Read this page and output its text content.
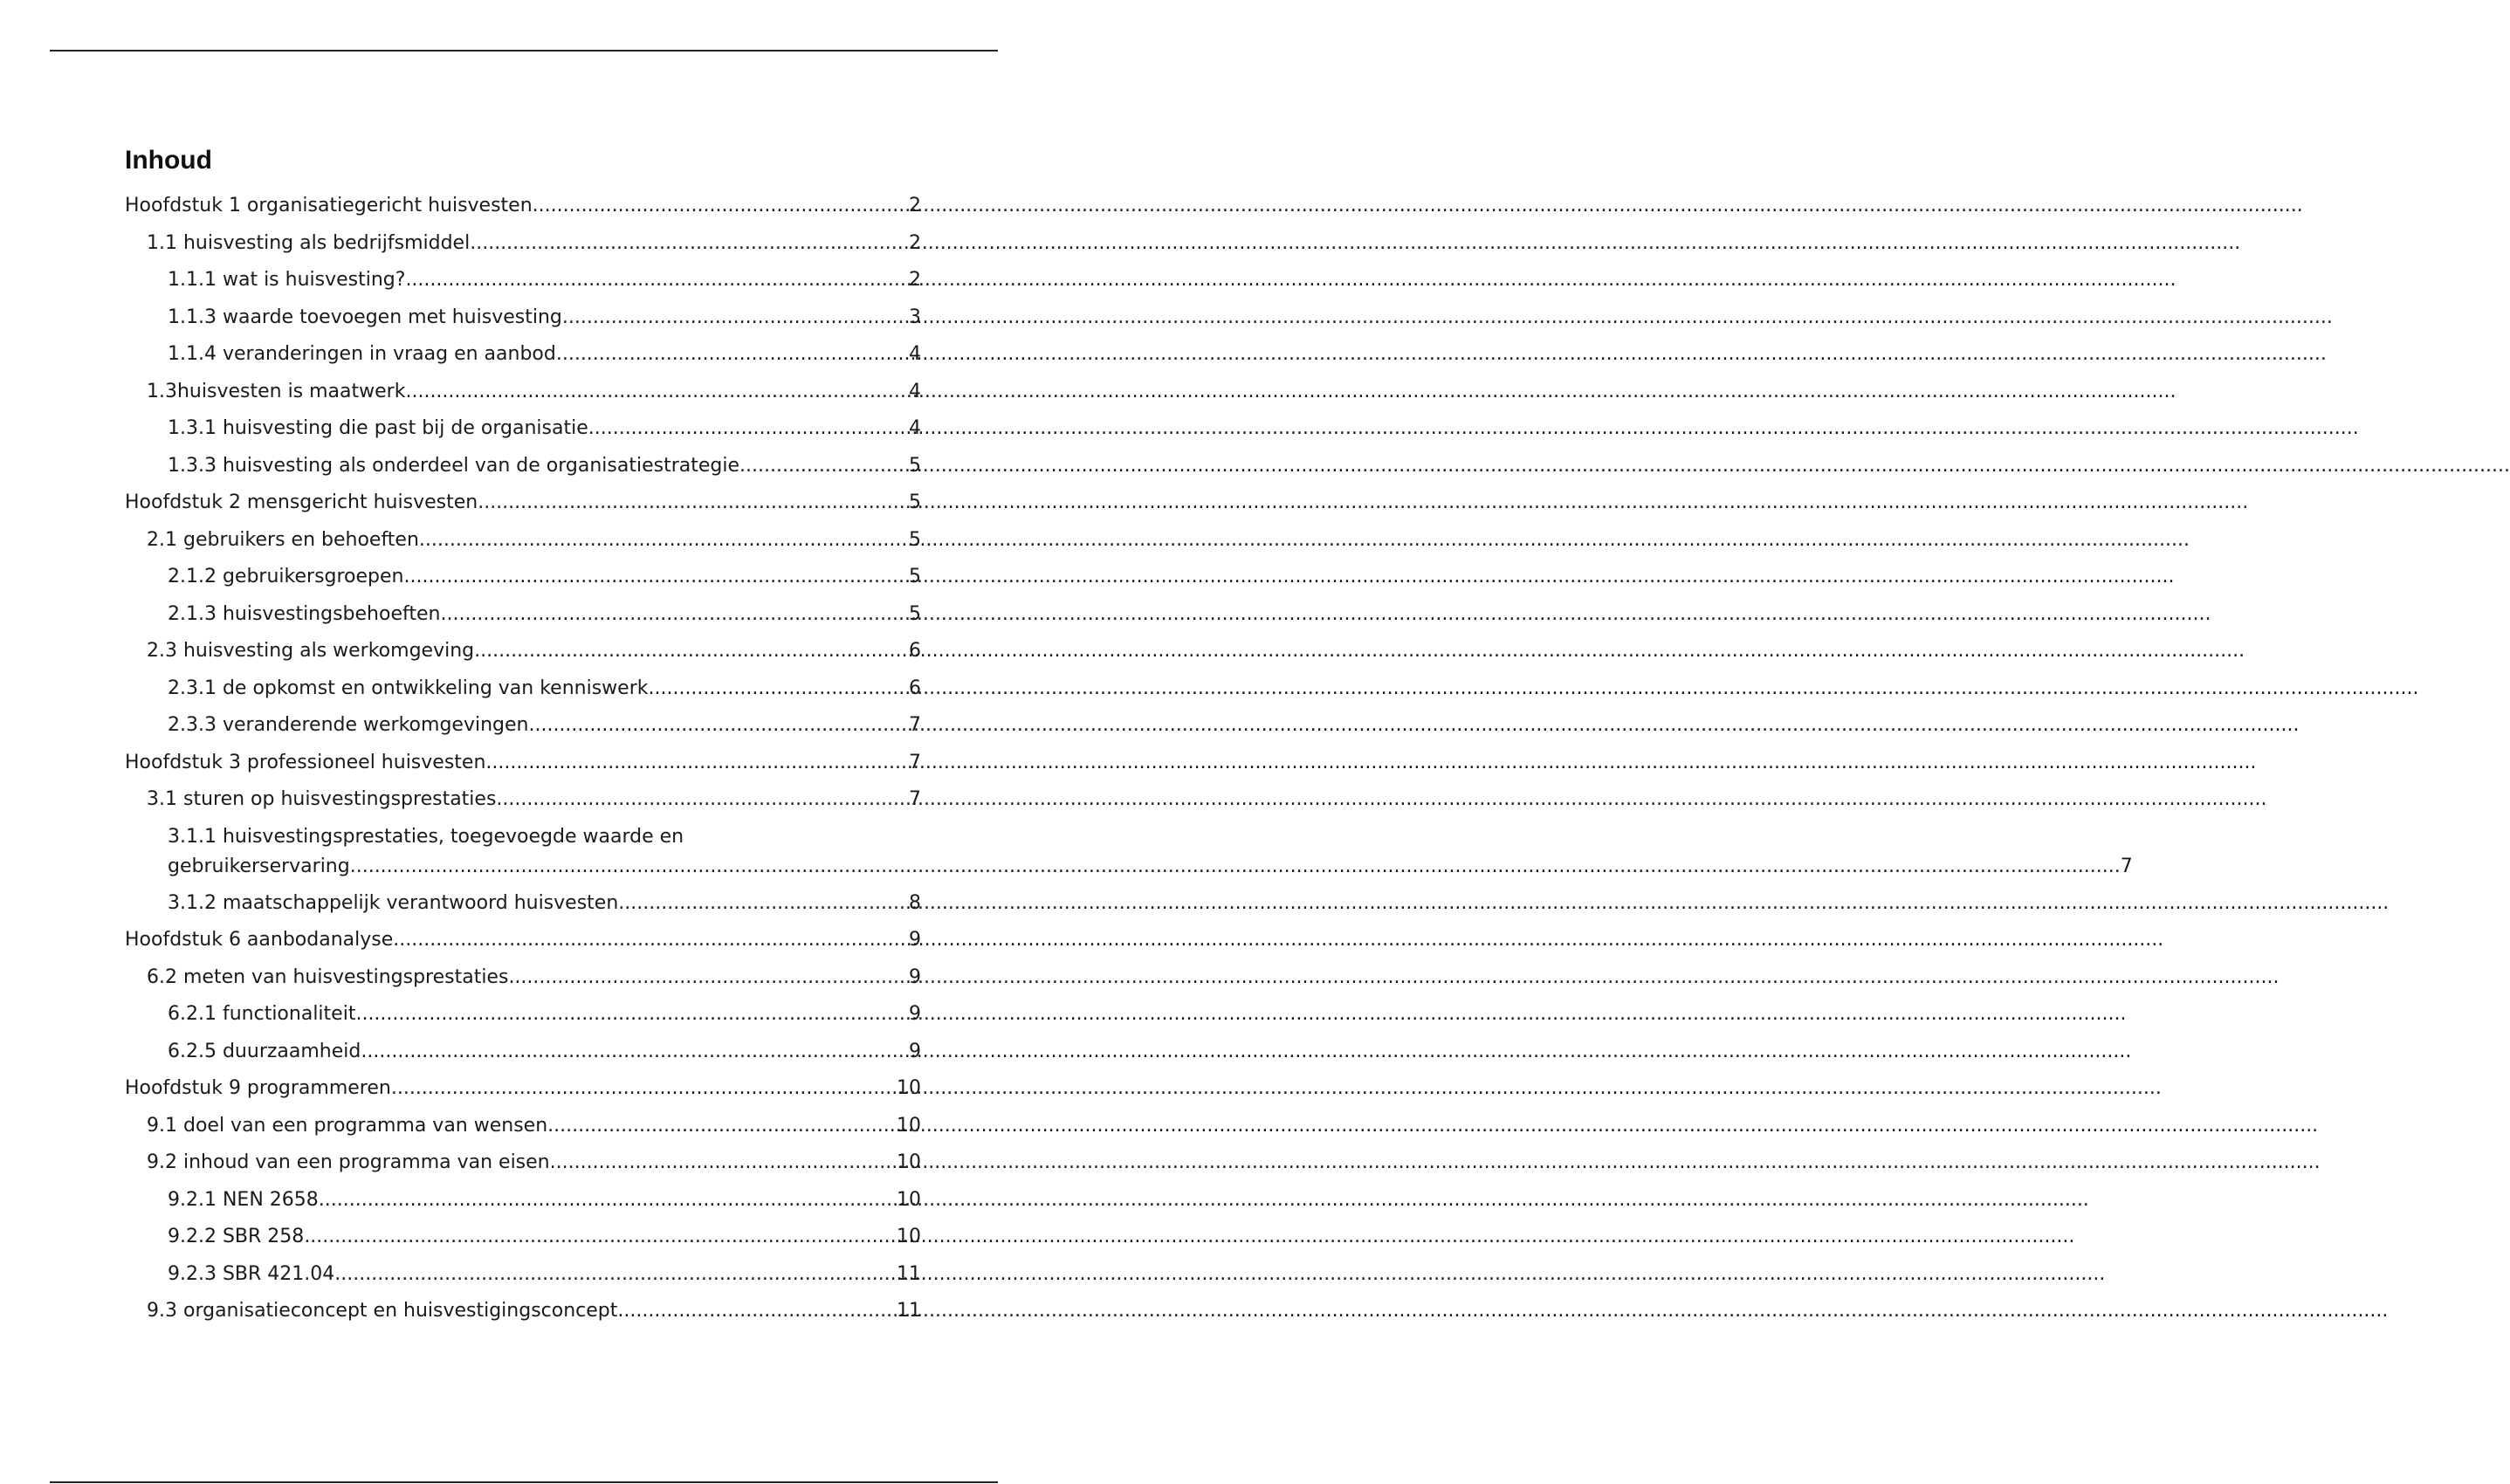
Inhoud
Hoofdstuk 1 organisatiegericht huisvesten .....	2
1.1 huisvesting als bedrijfsmiddel .....	2
1.1.1 wat is huisvesting? .....	2
1.1.3 waarde toevoegen met huisvesting .....	3
1.1.4 veranderingen in vraag en aanbod .....	4
1.3huisvesten is maatwerk .....	4
1.3.1 huisvesting die past bij de organisatie .....	4
1.3.3 huisvesting als onderdeel van de organisatiestrategie .....	5
Hoofdstuk 2 mensgericht huisvesten .....	5
2.1 gebruikers en behoeften .....	5
2.1.2 gebruikersgroepen .....	5
2.1.3 huisvestingsbehoeften .....	5
2.3 huisvesting als werkomgeving .....	6
2.3.1 de opkomst en ontwikkeling van kenniswerk .....	6
2.3.3 veranderende werkomgevingen .....	7
Hoofdstuk 3 professioneel huisvesten .....	7
3.1 sturen op huisvestingsprestaties .....	7
3.1.1 huisvestingsprestaties, toegevoegde waarde en
gebruikerservaring .....	7
3.1.2 maatschappelijk verantwoord huisvesten .....	8
Hoofdstuk 6 aanbodanalyse .....	9
6.2 meten van huisvestingsprestaties .....	9
6.2.1 functionaliteit .....	9
6.2.5 duurzaamheid .....	9
Hoofdstuk 9 programmeren .....	10
9.1 doel van een programma van wensen .....	10
9.2 inhoud van een programma van eisen .....	10
9.2.1 NEN 2658 .....	10
9.2.2 SBR 258 .....	10
9.2.3 SBR 421.04 .....	11
9.3 organisatieconcept en huisvestigingsconcept .....	11
